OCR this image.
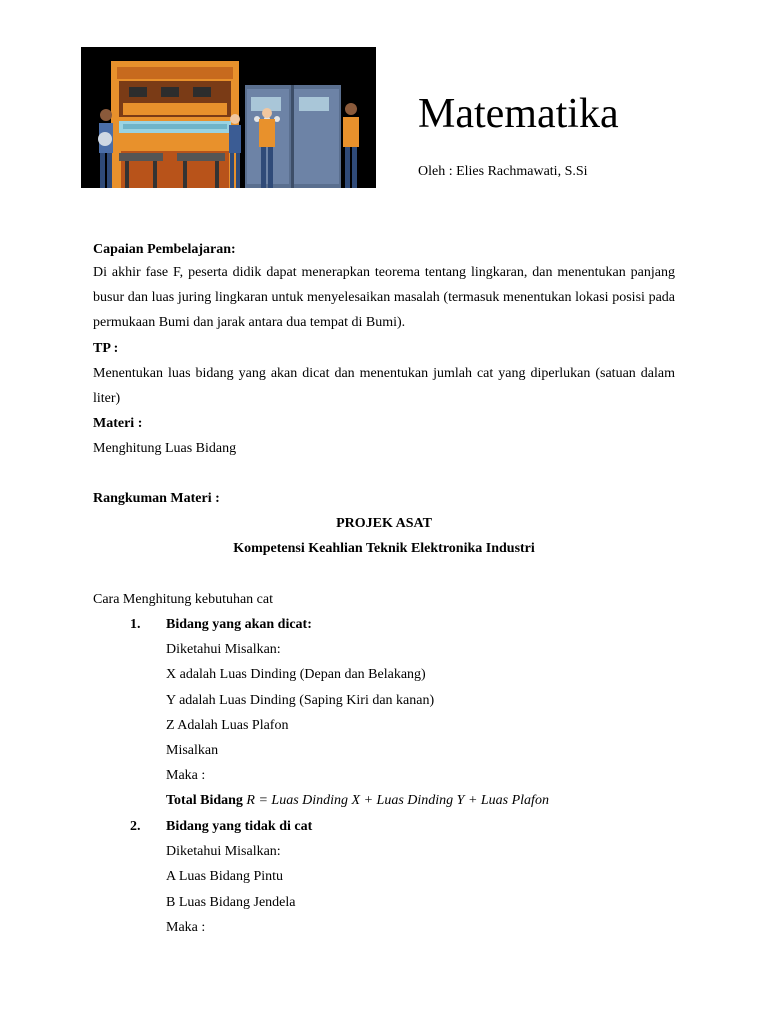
Matematika
Oleh : Elies Rachmawati, S.Si
Capaian Pembelajaran:
Di akhir fase F, peserta didik dapat menerapkan teorema tentang lingkaran, dan menentukan panjang busur dan luas juring lingkaran untuk menyelesaikan masalah (termasuk menentukan lokasi posisi pada permukaan Bumi dan jarak antara dua tempat di Bumi).
TP :
Menentukan luas bidang yang akan dicat dan menentukan jumlah cat yang diperlukan (satuan dalam liter)
Materi :
Menghitung Luas Bidang
Rangkuman Materi :
PROJEK ASAT
Kompetensi Keahlian Teknik Elektronika Industri
Cara Menghitung kebutuhan cat
1. Bidang yang akan dicat:
Diketahui Misalkan:
X adalah Luas Dinding (Depan dan Belakang)
Y adalah Luas Dinding (Saping Kiri dan kanan)
Z Adalah Luas Plafon
Misalkan
Maka :
Total Bidang R = Luas Dinding X + Luas Dinding Y + Luas Plafon
2. Bidang yang tidak di cat
Diketahui Misalkan:
A Luas Bidang Pintu
B Luas Bidang Jendela
Maka :
